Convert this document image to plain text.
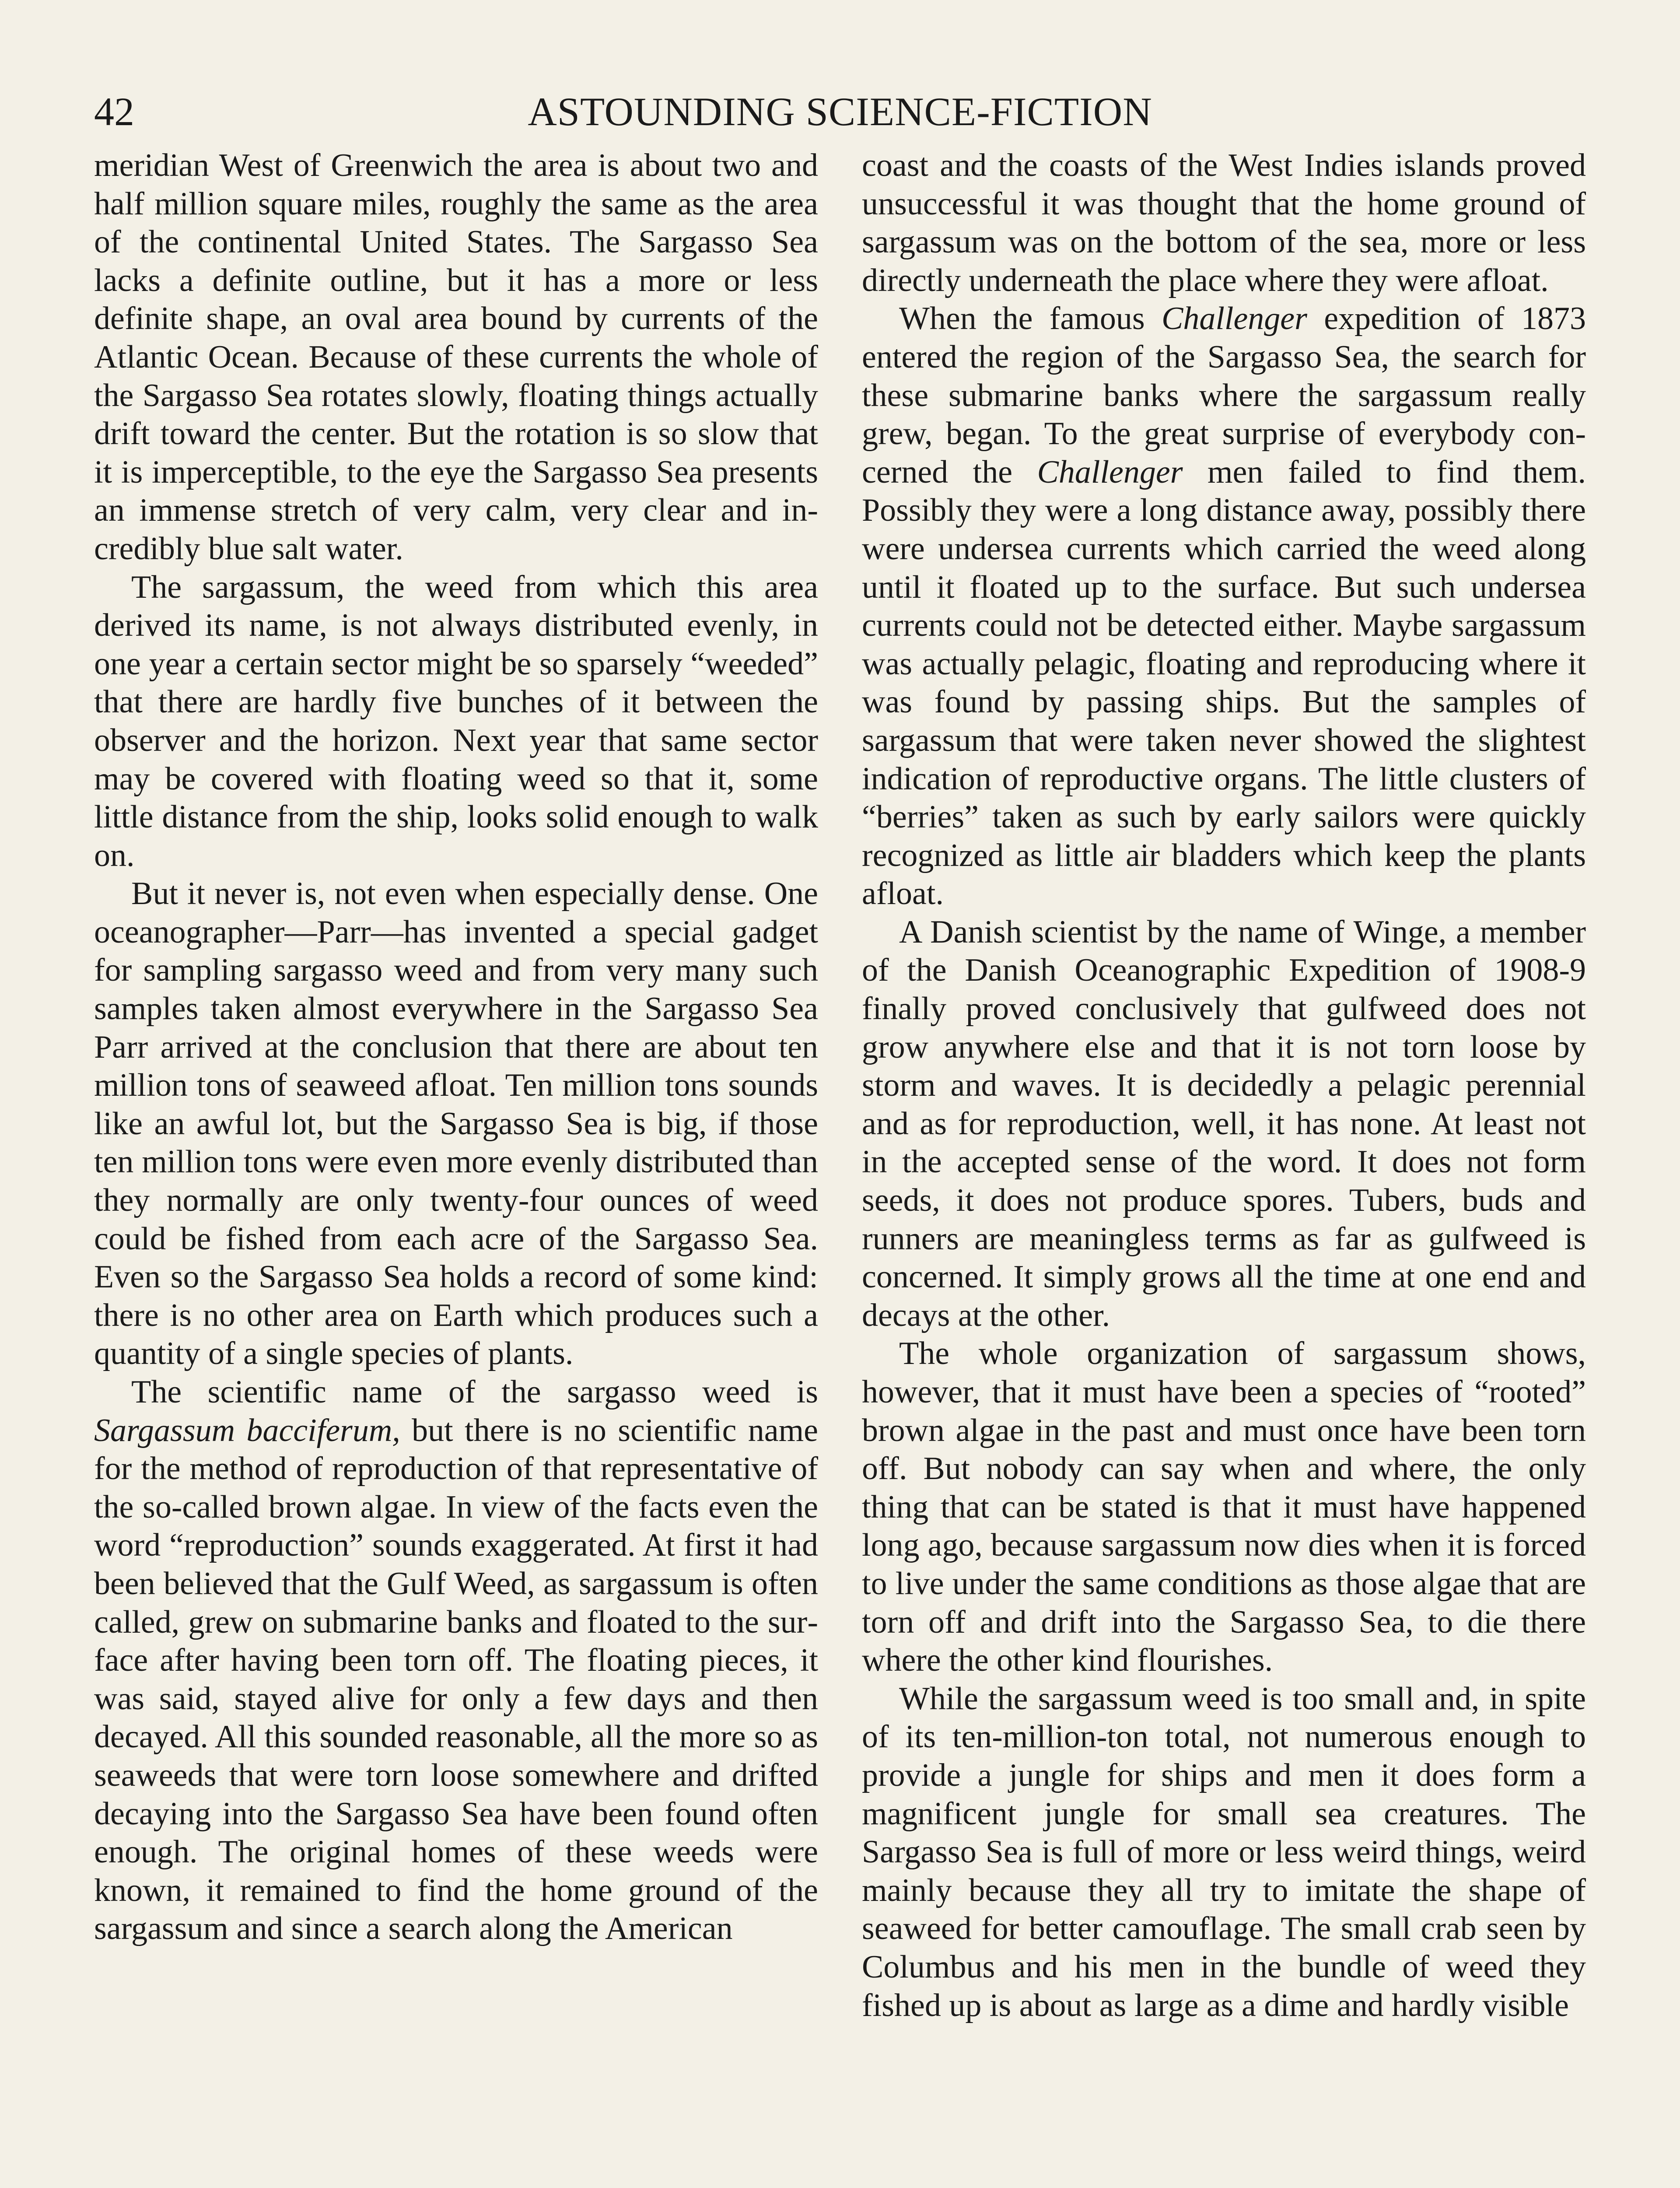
42	ASTOUNDING SCIENCE-FICTION

meridian West of Greenwich the area is about two and half million square miles, roughly the same as the area of the continental United States. The Sargasso Sea lacks a definite outline, but it has a more or less definite shape, an oval area bound by currents of the Atlantic Ocean. Because of these currents the whole of the Sargasso Sea rotates slowly, floating things actually drift toward the center. But the rotation is so slow that it is imperceptible, to the eye the Sargasso Sea presents an immense stretch of very calm, very clear and incredibly blue salt water.

The sargassum, the weed from which this area derived its name, is not always distributed evenly, in one year a certain sector might be so sparsely “weeded” that there are hardly five bunches of it between the observer and the horizon. Next year that same sector may be covered with floating weed so that it, some little distance from the ship, looks solid enough to walk on.

But it never is, not even when especially dense. One oceanographer—Parr—has invented a special gadget for sampling sargasso weed and from very many such samples taken almost everywhere in the Sargasso Sea Parr arrived at the conclusion that there are about ten million tons of seaweed afloat. Ten million tons sounds like an awful lot, but the Sargasso Sea is big, if those ten million tons were even more evenly distributed than they normally are only twenty-four ounces of weed could be fished from each acre of the Sargasso Sea. Even so the Sargasso Sea holds a record of some kind: there is no other area on Earth which produces such a quantity of a single species of plants.

The scientific name of the sargasso weed is Sargassum bacciferum, but there is no scientific name for the method of reproduction of that representative of the so-called brown algae. In view of the facts even the word “reproduction” sounds exaggerated. At first it had been believed that the Gulf Weed, as sargassum is often called, grew on submarine banks and floated to the surface after having been torn off. The floating pieces, it was said, stayed alive for only a few days and then decayed. All this sounded reasonable, all the more so as seaweeds that were torn loose somewhere and drifted decaying into the Sargasso Sea have been found often enough. The original homes of these weeds were known, it remained to find the home ground of the sargassum and since a search along the American

coast and the coasts of the West Indies islands proved unsuccessful it was thought that the home ground of sargassum was on the bottom of the sea, more or less directly underneath the place where they were afloat.

When the famous Challenger expedition of 1873 entered the region of the Sargasso Sea, the search for these submarine banks where the sargassum really grew, began. To the great surprise of everybody concerned the Challenger men failed to find them. Possibly they were a long distance away, possibly there were undersea currents which carried the weed along until it floated up to the surface. But such undersea currents could not be detected either. Maybe sargassum was actually pelagic, floating and reproducing where it was found by passing ships. But the samples of sargassum that were taken never showed the slightest indication of reproductive organs. The little clusters of “berries” taken as such by early sailors were quickly recognized as little air bladders which keep the plants afloat.

A Danish scientist by the name of Winge, a member of the Danish Oceanographic Expedition of 1908-9 finally proved conclusively that gulfweed does not grow anywhere else and that it is not torn loose by storm and waves. It is decidedly a pelagic perennial and as for reproduction, well, it has none. At least not in the accepted sense of the word. It does not form seeds, it does not produce spores. Tubers, buds and runners are meaningless terms as far as gulfweed is concerned. It simply grows all the time at one end and decays at the other.

The whole organization of sargassum shows, however, that it must have been a species of “rooted” brown algae in the past and must once have been torn off. But nobody can say when and where, the only thing that can be stated is that it must have happened long ago, because sargassum now dies when it is forced to live under the same conditions as those algae that are torn off and drift into the Sargasso Sea, to die there where the other kind flourishes.

While the sargassum weed is too small and, in spite of its ten-million-ton total, not numerous enough to provide a jungle for ships and men it does form a magnificent jungle for small sea creatures. The Sargasso Sea is full of more or less weird things, weird mainly because they all try to imitate the shape of seaweed for better camouflage. The small crab seen by Columbus and his men in the bundle of weed they fished up is about as large as a dime and hardly visible
